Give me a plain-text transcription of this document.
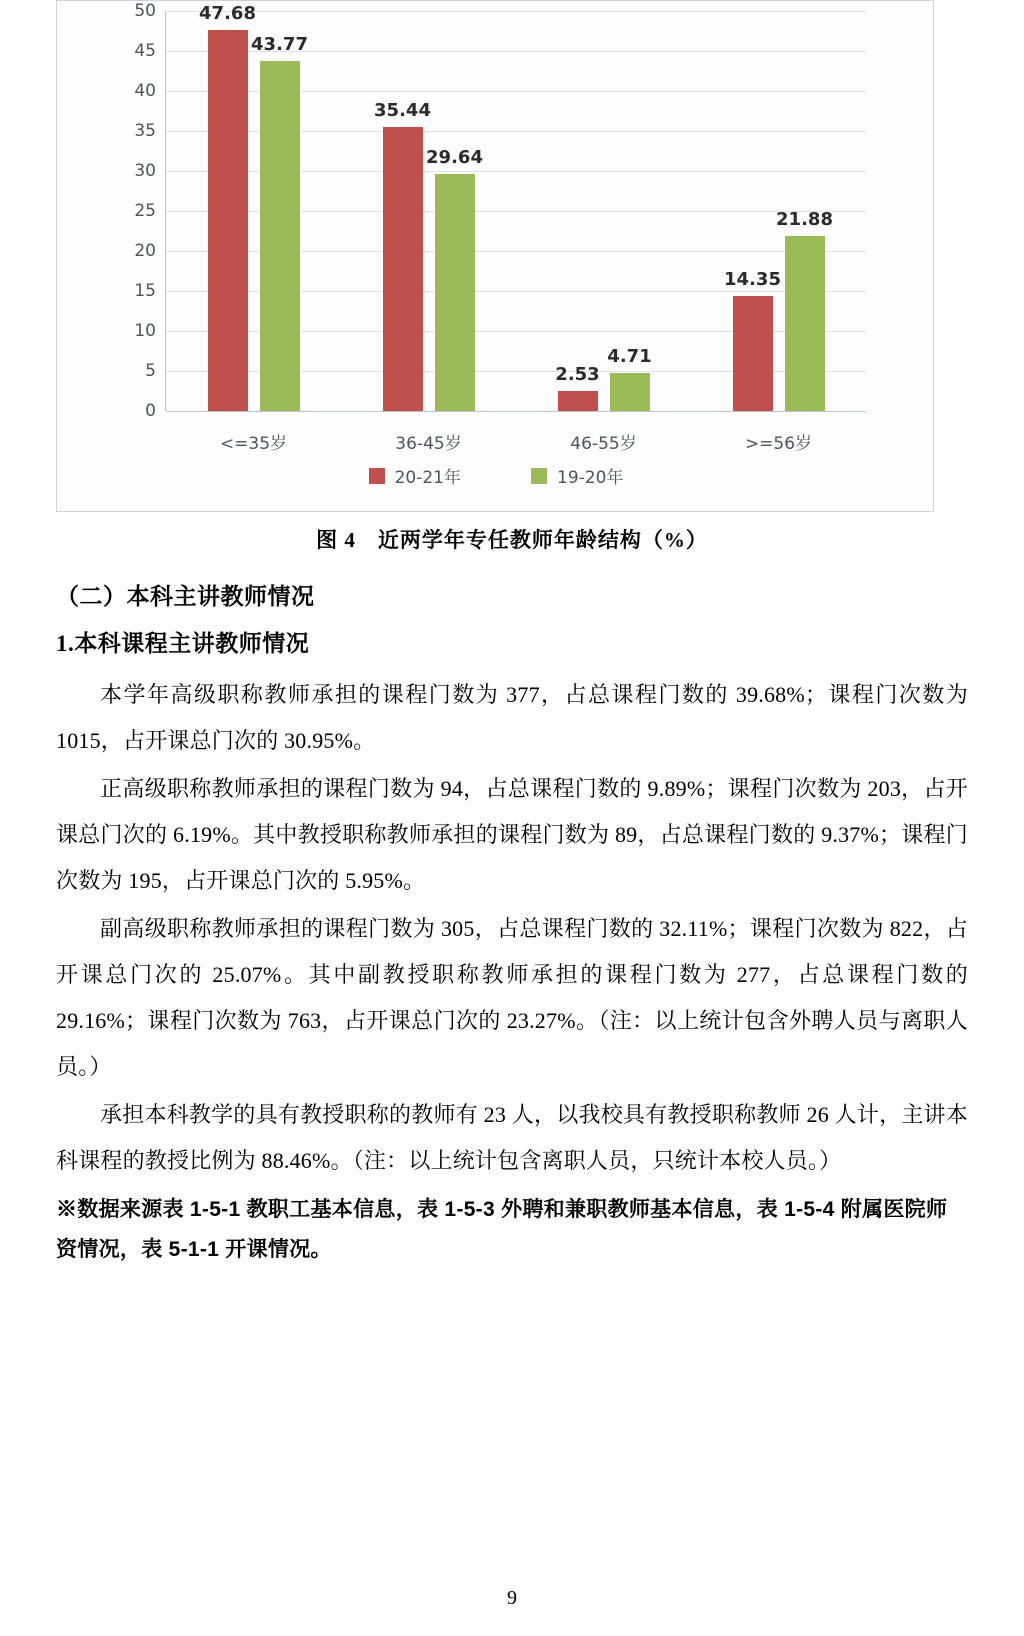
0
5
10
15
20
25
30
35
40
45
50 47.68
43.77
<=35岁
35.44
29.64
36-45岁
2.53
4.71
46-55岁
14.35
21.88
>=56岁
20-21年	19-20年
图 4　近两学年专任教师年龄结构（%）
（二）本科主讲教师情况
1.本科课程主讲教师情况

本学年高级职称教师承担的课程门数为 377，占总课程门数的 39.68%；课程门次数为 1015，占开课总门次的 30.95%。

正高级职称教师承担的课程门数为 94，占总课程门数的 9.89%；课程门次数为 203，占开课总门次的 6.19%。其中教授职称教师承担的课程门数为 89，占总课程门数的 9.37%；课程门次数为 195，占开课总门次的 5.95%。

副高级职称教师承担的课程门数为 305，占总课程门数的 32.11%；课程门次数为 822，占开课总门次的 25.07%。其中副教授职称教师承担的课程门数为 277，占总课程门数的 29.16%；课程门次数为 763，占开课总门次的 23.27%。（注：以上统计包含外聘人员与离职人员。）

承担本科教学的具有教授职称的教师有 23 人，以我校具有教授职称教师 26 人计，主讲本科课程的教授比例为 88.46%。（注：以上统计包含离职人员，只统计本校人员。）

※数据来源表 1-5-1 教职工基本信息，表 1-5-3 外聘和兼职教师基本信息，表 1-5-4 附属医院师资情况，表 5-1-1 开课情况。

9
